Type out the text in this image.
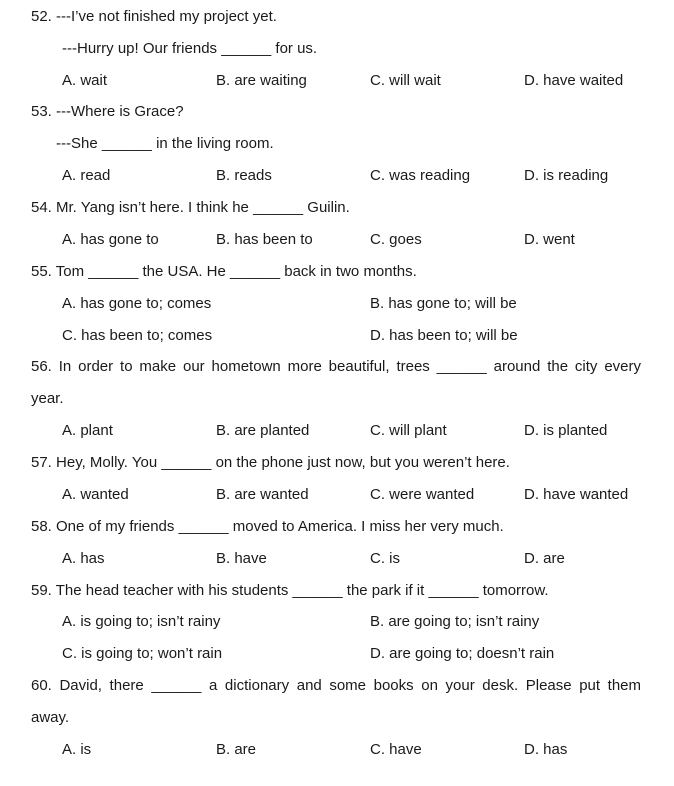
52. ---I’ve not finished my project yet.
---Hurry up! Our friends ______ for us.
A. wait	B. are waiting	C. will wait	D. have waited
53. ---Where is Grace?
---She ______ in the living room.
A. read	B. reads	C. was reading	D. is reading
54. Mr. Yang isn’t here. I think he ______ Guilin.
A. has gone to	B. has been to	C. goes	D. went
55. Tom ______ the USA. He ______ back in two months.
A. has gone to; comes	B. has gone to; will be
C. has been to; comes	D. has been to; will be
56. In order to make our hometown more beautiful, trees ______ around the city every
year.
A. plant	B. are planted	C. will plant	D. is planted
57. Hey, Molly. You ______ on the phone just now, but you weren’t here.
A. wanted	B. are wanted	C. were wanted	D. have wanted
58. One of my friends ______ moved to America. I miss her very much.
A. has	B. have	C. is	D. are
59. The head teacher with his students ______ the park if it ______ tomorrow.
A. is going to; isn’t rainy	B. are going to; isn’t rainy
C. is going to; won’t rain	D. are going to; doesn’t rain
60. David, there ______ a dictionary and some books on your desk. Please put them
away.
A. is	B. are	C. have	D. has
